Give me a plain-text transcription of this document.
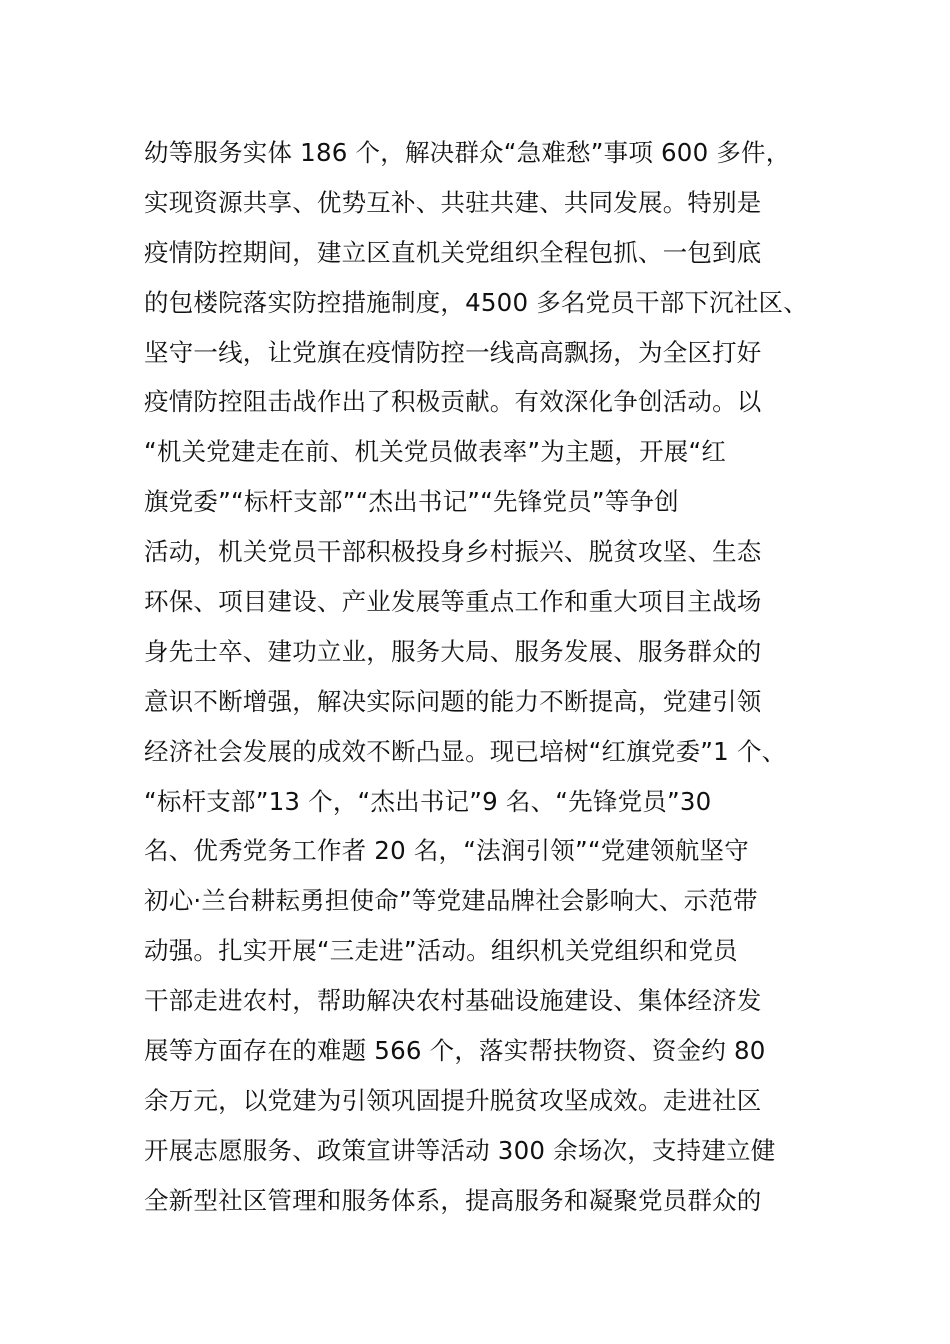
幼等服务实体 186 个，解决群众“急难愁”事项 600 多件，
实现资源共享、优势互补、共驻共建、共同发展。特别是
疫情防控期间，建立区直机关党组织全程包抓、一包到底
的包楼院落实防控措施制度，4500 多名党员干部下沉社区、
坚守一线，让党旗在疫情防控一线高高飘扬，为全区打好
疫情防控阻击战作出了积极贡献。有效深化争创活动。以
“机关党建走在前、机关党员做表率”为主题，开展“红
旗党委”“标杆支部”“杰出书记”“先锋党员”等争创
活动，机关党员干部积极投身乡村振兴、脱贫攻坚、生态
环保、项目建设、产业发展等重点工作和重大项目主战场
身先士卒、建功立业，服务大局、服务发展、服务群众的
意识不断增强，解决实际问题的能力不断提高，党建引领
经济社会发展的成效不断凸显。现已培树“红旗党委”1 个、
“标杆支部”13 个，“杰出书记”9 名、“先锋党员”30
名、优秀党务工作者 20 名，“法润引领”“党建领航坚守
初心·兰台耕耘勇担使命”等党建品牌社会影响大、示范带
动强。扎实开展“三走进”活动。组织机关党组织和党员
干部走进农村，帮助解决农村基础设施建设、集体经济发
展等方面存在的难题 566 个，落实帮扶物资、资金约 80
余万元，以党建为引领巩固提升脱贫攻坚成效。走进社区
开展志愿服务、政策宣讲等活动 300 余场次，支持建立健
全新型社区管理和服务体系，提高服务和凝聚党员群众的
